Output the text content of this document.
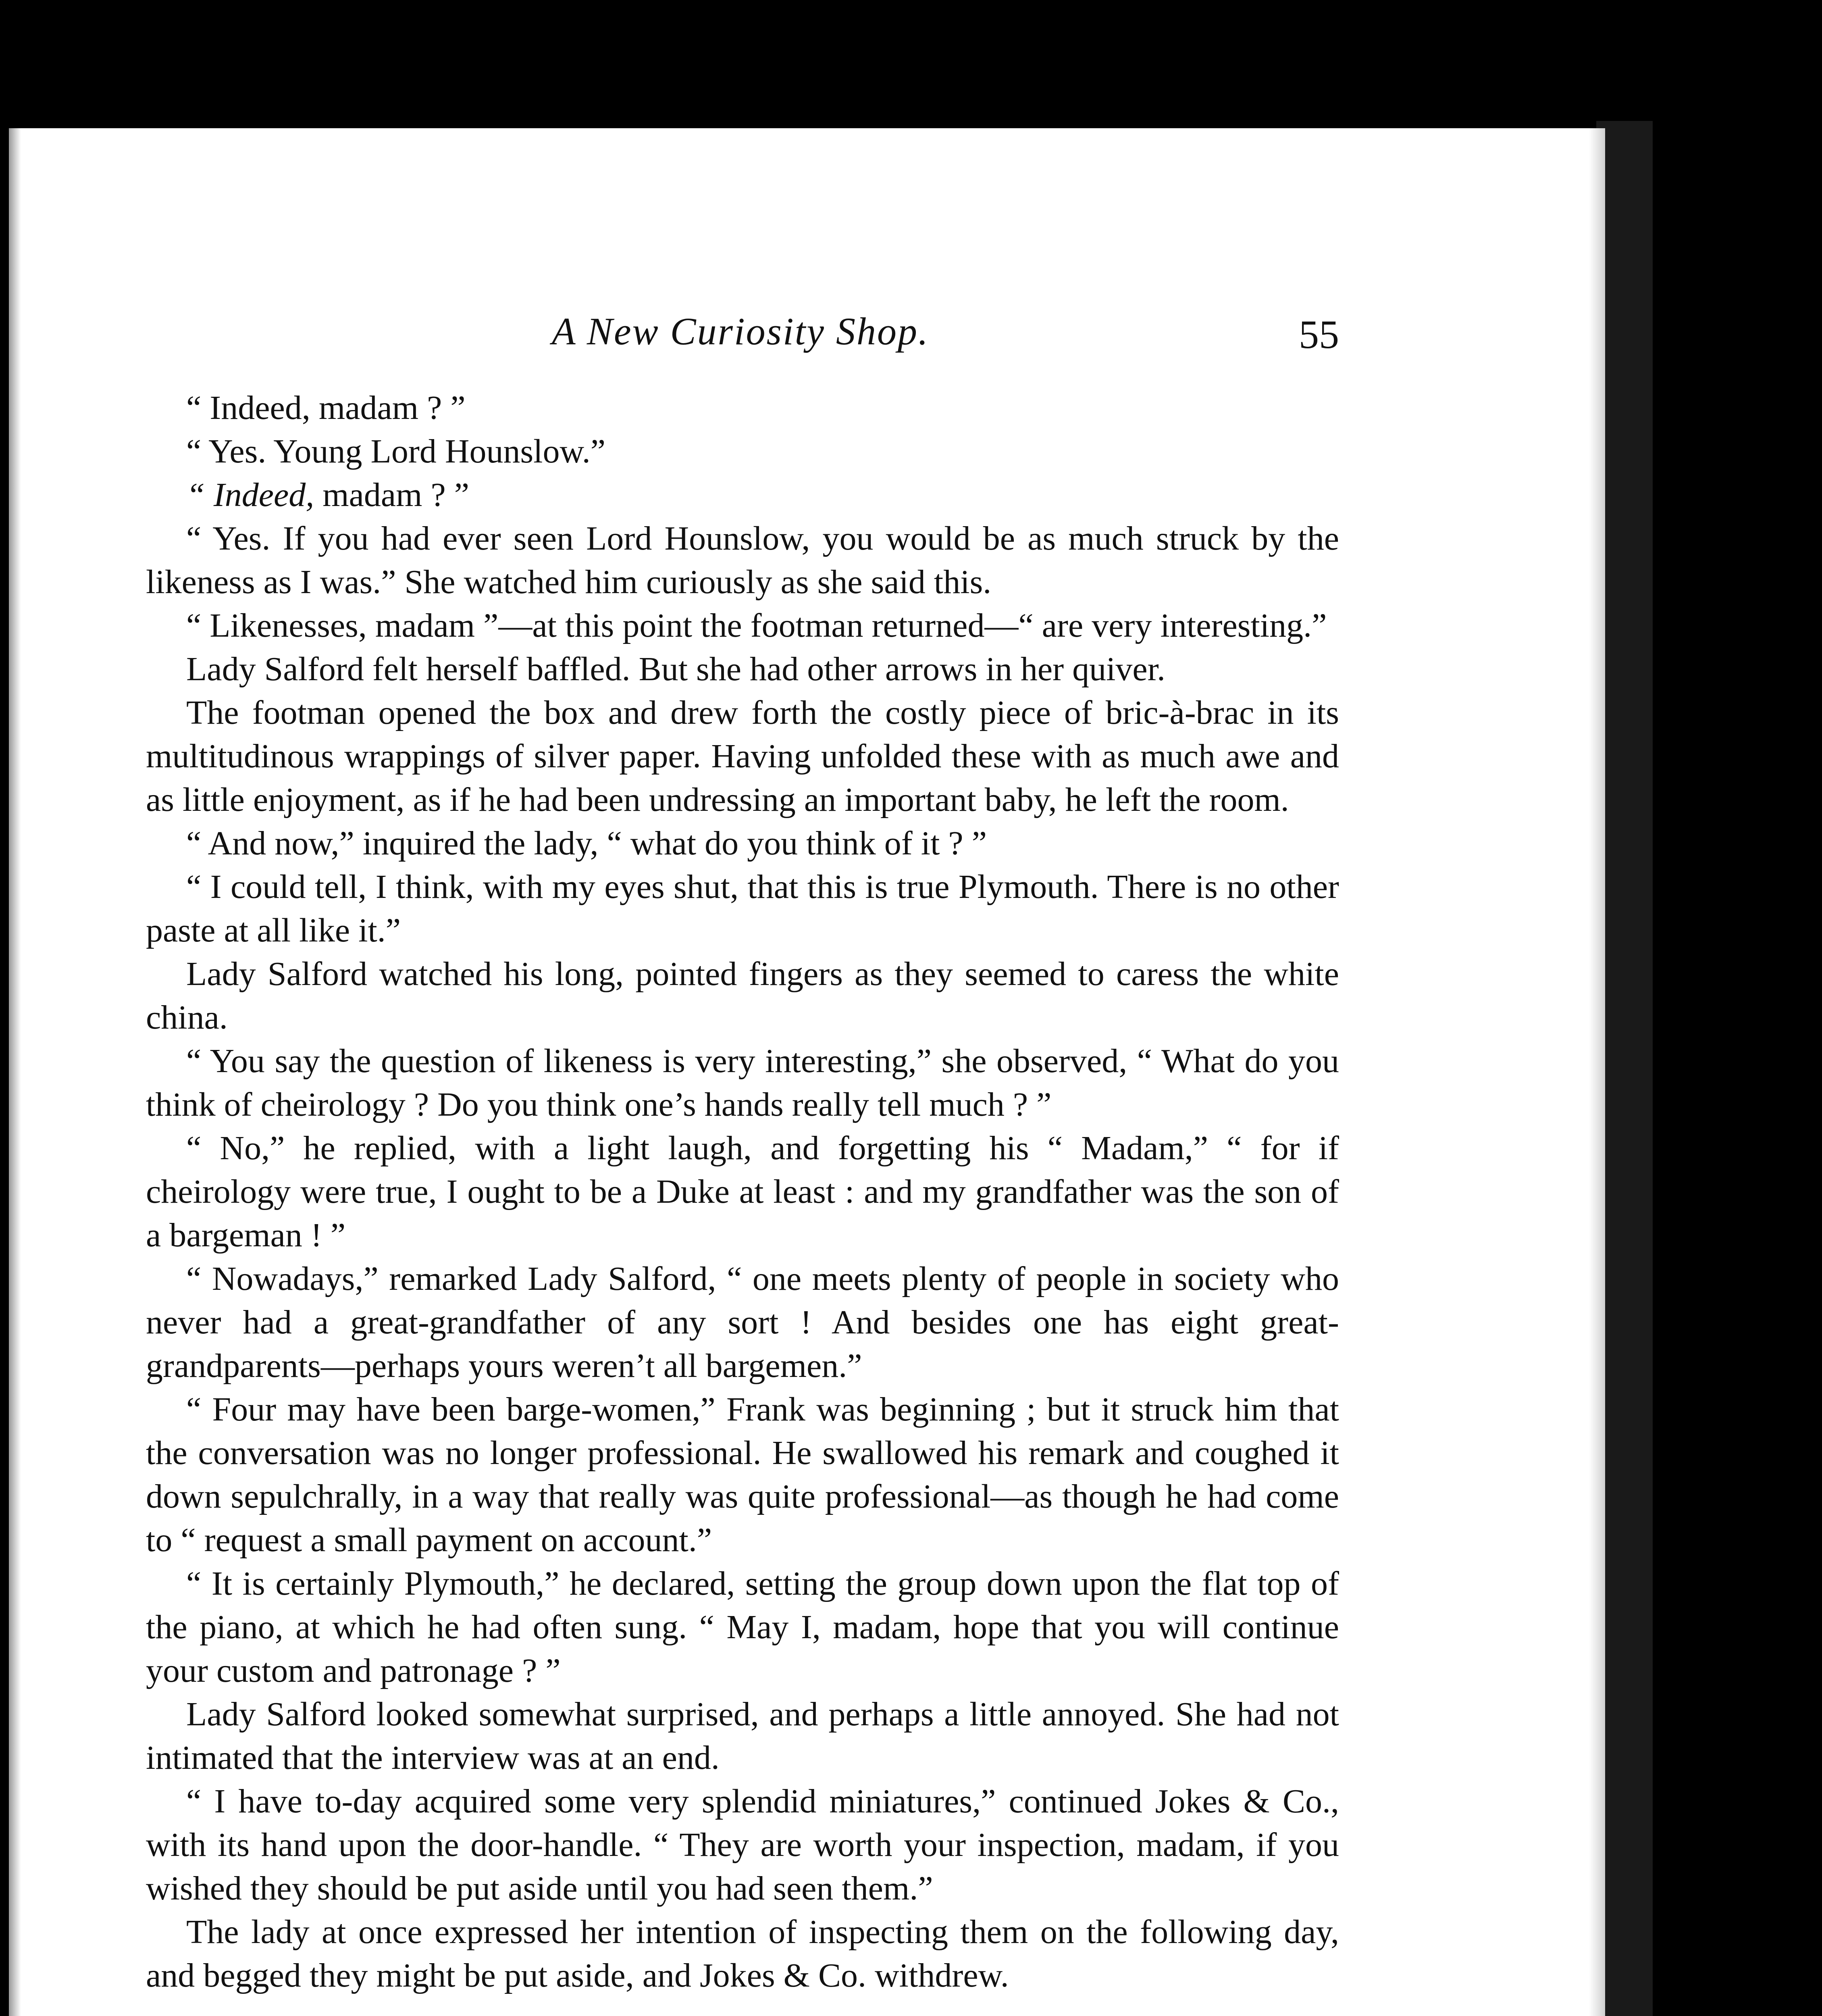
A New Curiosity Shop.	55

“ Indeed, madam ? ”

“ Yes. Young Lord Hounslow.”

“ Indeed, madam ? ”

“ Yes. If you had ever seen Lord Hounslow, you would be as much struck by the likeness as I was.” She watched him curiously as she said this.

“ Likenesses, madam ”—at this point the footman returned—“ are very interesting.”

Lady Salford felt herself baffled. But she had other arrows in her quiver.

The footman opened the box and drew forth the costly piece of bric-à-brac in its multitudinous wrappings of silver paper. Having unfolded these with as much awe and as little enjoyment, as if he had been undressing an important baby, he left the room.

“ And now,” inquired the lady, “ what do you think of it ? ”

“ I could tell, I think, with my eyes shut, that this is true Plymouth. There is no other paste at all like it.”

Lady Salford watched his long, pointed fingers as they seemed to caress the white china.

“ You say the question of likeness is very interesting,” she observed, “ What do you think of cheirology ? Do you think one’s hands really tell much ? ”

“ No,” he replied, with a light laugh, and forgetting his “ Madam,” “ for if cheirology were true, I ought to be a Duke at least : and my grandfather was the son of a bargeman ! ”

“ Nowadays,” remarked Lady Salford, “ one meets plenty of people in society who never had a great-grandfather of any sort ! And besides one has eight great-grandparents—perhaps yours weren’t all bargemen.”

“ Four may have been barge-women,” Frank was beginning ; but it struck him that the conversation was no longer professional. He swallowed his remark and coughed it down sepulchrally, in a way that really was quite professional—as though he had come to “ request a small payment on account.”

“ It is certainly Plymouth,” he declared, setting the group down upon the flat top of the piano, at which he had often sung. “ May I, madam, hope that you will continue your custom and patronage ? ”

Lady Salford looked somewhat surprised, and perhaps a little annoyed. She had not intimated that the interview was at an end.

“ I have to-day acquired some very splendid miniatures,” continued Jokes & Co., with its hand upon the door-handle. “ They are worth your inspection, madam, if you wished they should be put aside until you had seen them.”

The lady at once expressed her intention of inspecting them on the following day, and begged they might be put aside, and Jokes & Co. withdrew.
